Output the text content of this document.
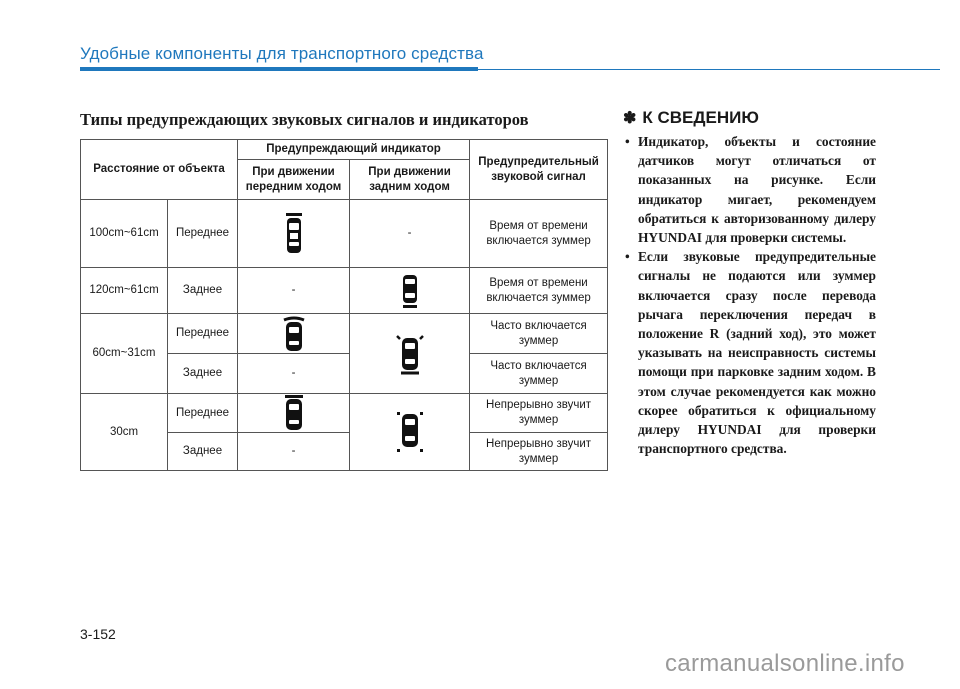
Удобные компоненты для транспортного средства
Типы предупреждающих звуковых сигналов и индикаторов
Расстояние от объекта		Предупреждающий индикатор		Предупредительный звуковой сигнал
		При движении передним ходом	При движении задним ходом	
100cm~61cm	Переднее		-	Время от времени включается зуммер
120cm~61cm	Заднее	-		Время от времени включается зуммер
60cm~31cm	Переднее			Часто включается зуммер
	Заднее	-		Часто включается зуммер
30cm	Переднее			Непрерывно звучит зуммер
	Заднее	-		Непрерывно звучит зуммер
✽ К СВЕДЕНИЮ
• Индикатор, объекты и состояние датчиков могут отличаться от показанных на рисунке. Если индикатор мигает, рекомендуем обратиться к авторизованному дилеру HYUNDAI для проверки системы.
• Если звуковые предупредительные сигналы не подаются или зуммер включается сразу после перевода рычага переключения передач в положение R (задний ход), это может указывать на неисправность системы помощи при парковке задним ходом. В этом случае рекомендуется как можно скорее обратиться к официальному дилеру HYUNDAI для проверки транспортного средства.
3-152
carmanualsonline.info
